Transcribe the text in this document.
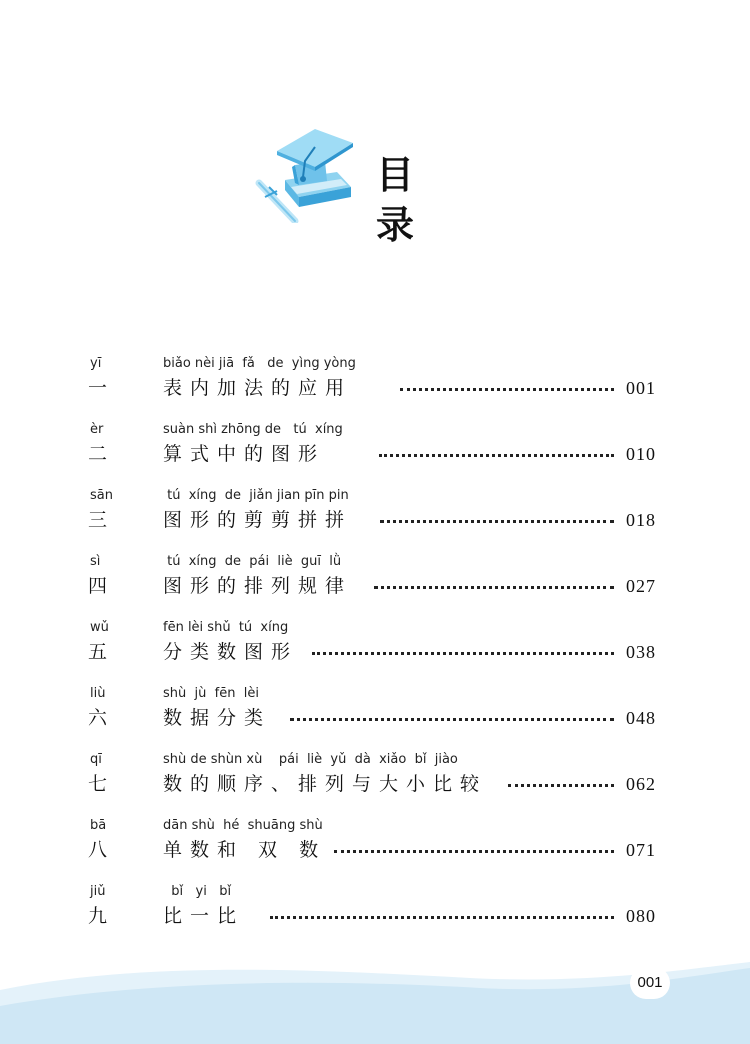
目 录
yī	biǎo nèi jiā  fǎ   de  yìng yòng
一	表内加法的应用	001
èr	suàn shì zhōng de   tú  xíng
二	算式中的图形	010
sān	tú  xíng  de  jiǎn jian pīn pin
三	图形的剪剪拼拼	018
sì	tú  xíng  de  pái  liè  guī  lǜ
四	图形的排列规律	027
wǔ	fēn lèi shǔ  tú  xíng
五	分类数图形	038
liù	shù  jù  fēn  lèi
六	数据分类	048
qī	shù de shùn xù    pái  liè  yǔ  dà  xiǎo  bǐ  jiào
七	数的顺序、排列与大小比较	062
bā	dān shù  hé  shuāng shù
八	单数和 双 数	071
jiǔ	bǐ   yi   bǐ
九	比一比	080
001
